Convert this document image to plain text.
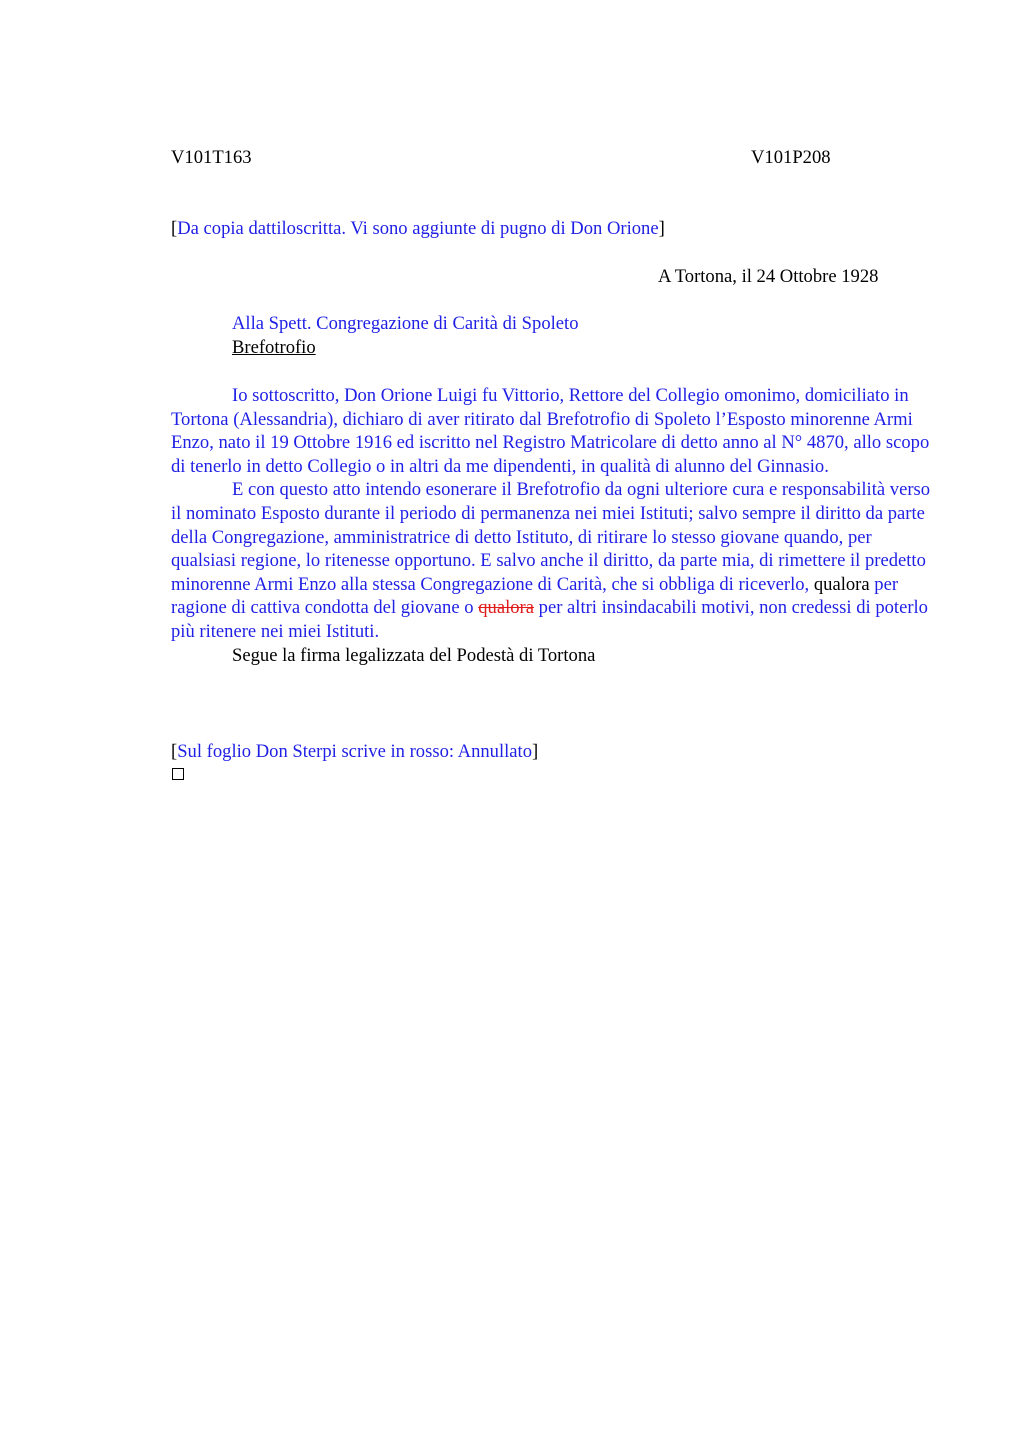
V101T163	V101P208
[Da copia dattiloscritta. Vi sono aggiunte di pugno di Don Orione]
A Tortona, il 24 Ottobre 1928
Alla Spett. Congregazione di Carità di Spoleto
Brefotrofio

Io sottoscritto, Don Orione Luigi fu Vittorio, Rettore del Collegio omonimo, domiciliato in Tortona (Alessandria), dichiaro di aver ritirato dal Brefotrofio di Spoleto l’Esposto minorenne Armi Enzo, nato il 19 Ottobre 1916 ed iscritto nel Registro Matricolare di detto anno al N° 4870, allo scopo di tenerlo in detto Collegio o in altri da me dipendenti, in qualità di alunno del Ginnasio.

E con questo atto intendo esonerare il Brefotrofio da ogni ulteriore cura e responsabilità verso il nominato Esposto durante il periodo di permanenza nei miei Istituti; salvo sempre il diritto da parte della Congregazione, amministratrice di detto Istituto, di ritirare lo stesso giovane quando, per qualsiasi regione, lo ritenesse opportuno. E salvo anche il diritto, da parte mia, di rimettere il predetto minorenne Armi Enzo alla stessa Congregazione di Carità, che si obbliga di riceverlo, qualora per ragione di cattiva condotta del giovane o qualora per altri insindacabili motivi, non credessi di poterlo più ritenere nei miei Istituti.

Segue la firma legalizzata del Podestà di Tortona

[Sul foglio Don Sterpi scrive in rosso: Annullato]
